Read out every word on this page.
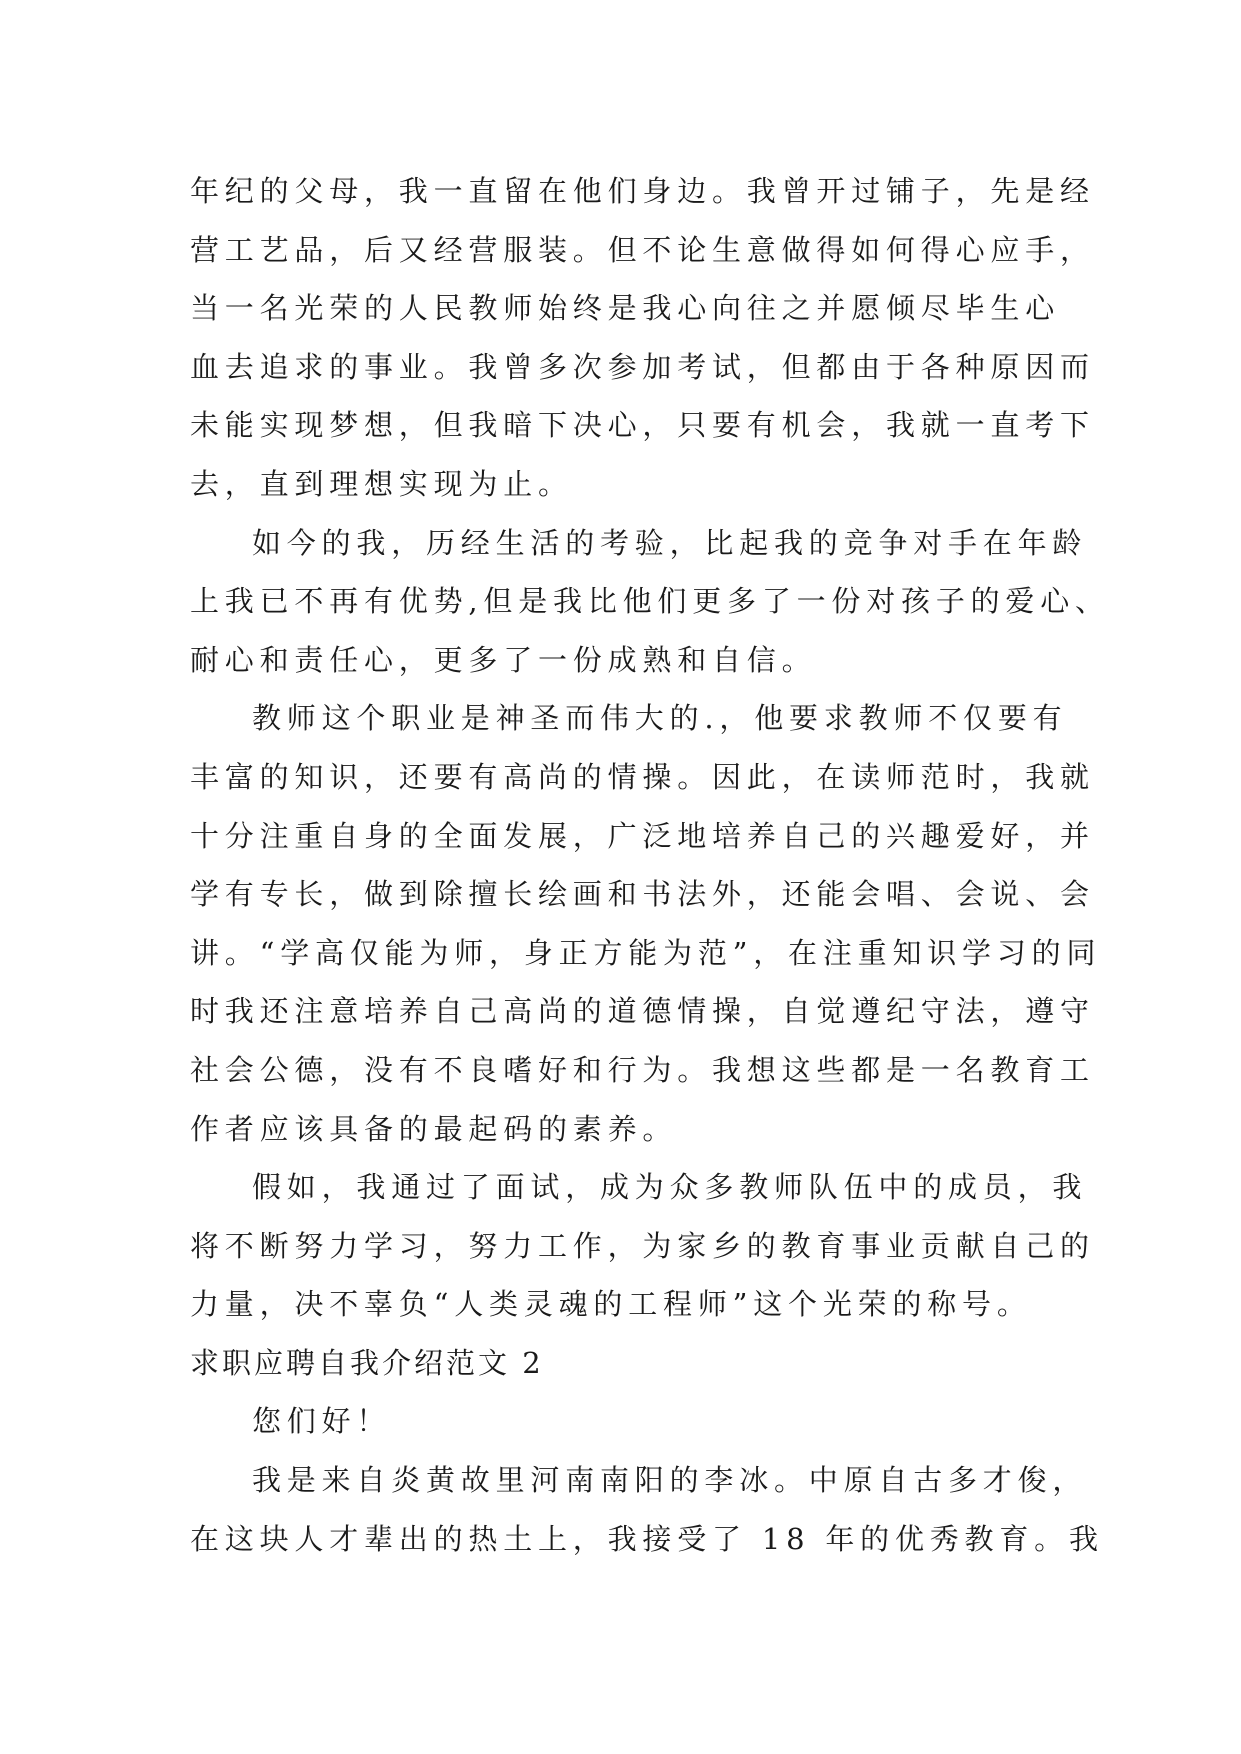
年纪的父母，我一直留在他们身边。我曾开过铺子，先是经
营工艺品，后又经营服装。但不论生意做得如何得心应手，
当一名光荣的人民教师始终是我心向往之并愿倾尽毕生心
血去追求的事业。我曾多次参加考试，但都由于各种原因而
未能实现梦想，但我暗下决心，只要有机会，我就一直考下
去，直到理想实现为止。
如今的我，历经生活的考验，比起我的竞争对手在年龄
上我已不再有优势,但是我比他们更多了一份对孩子的爱心、
耐心和责任心，更多了一份成熟和自信。
教师这个职业是神圣而伟大的.，他要求教师不仅要有
丰富的知识，还要有高尚的情操。因此，在读师范时，我就
十分注重自身的全面发展，广泛地培养自己的兴趣爱好，并
学有专长，做到除擅长绘画和书法外，还能会唱、会说、会
讲。“学高仅能为师，身正方能为范”，在注重知识学习的同
时我还注意培养自己高尚的道德情操，自觉遵纪守法，遵守
社会公德，没有不良嗜好和行为。我想这些都是一名教育工
作者应该具备的最起码的素养。
假如，我通过了面试，成为众多教师队伍中的成员，我
将不断努力学习，努力工作，为家乡的教育事业贡献自己的
力量，决不辜负“人类灵魂的工程师”这个光荣的称号。
求职应聘自我介绍范文 2
您们好！
我是来自炎黄故里河南南阳的李冰。中原自古多才俊，
在这块人才辈出的热土上，我接受了 18 年的优秀教育。我
